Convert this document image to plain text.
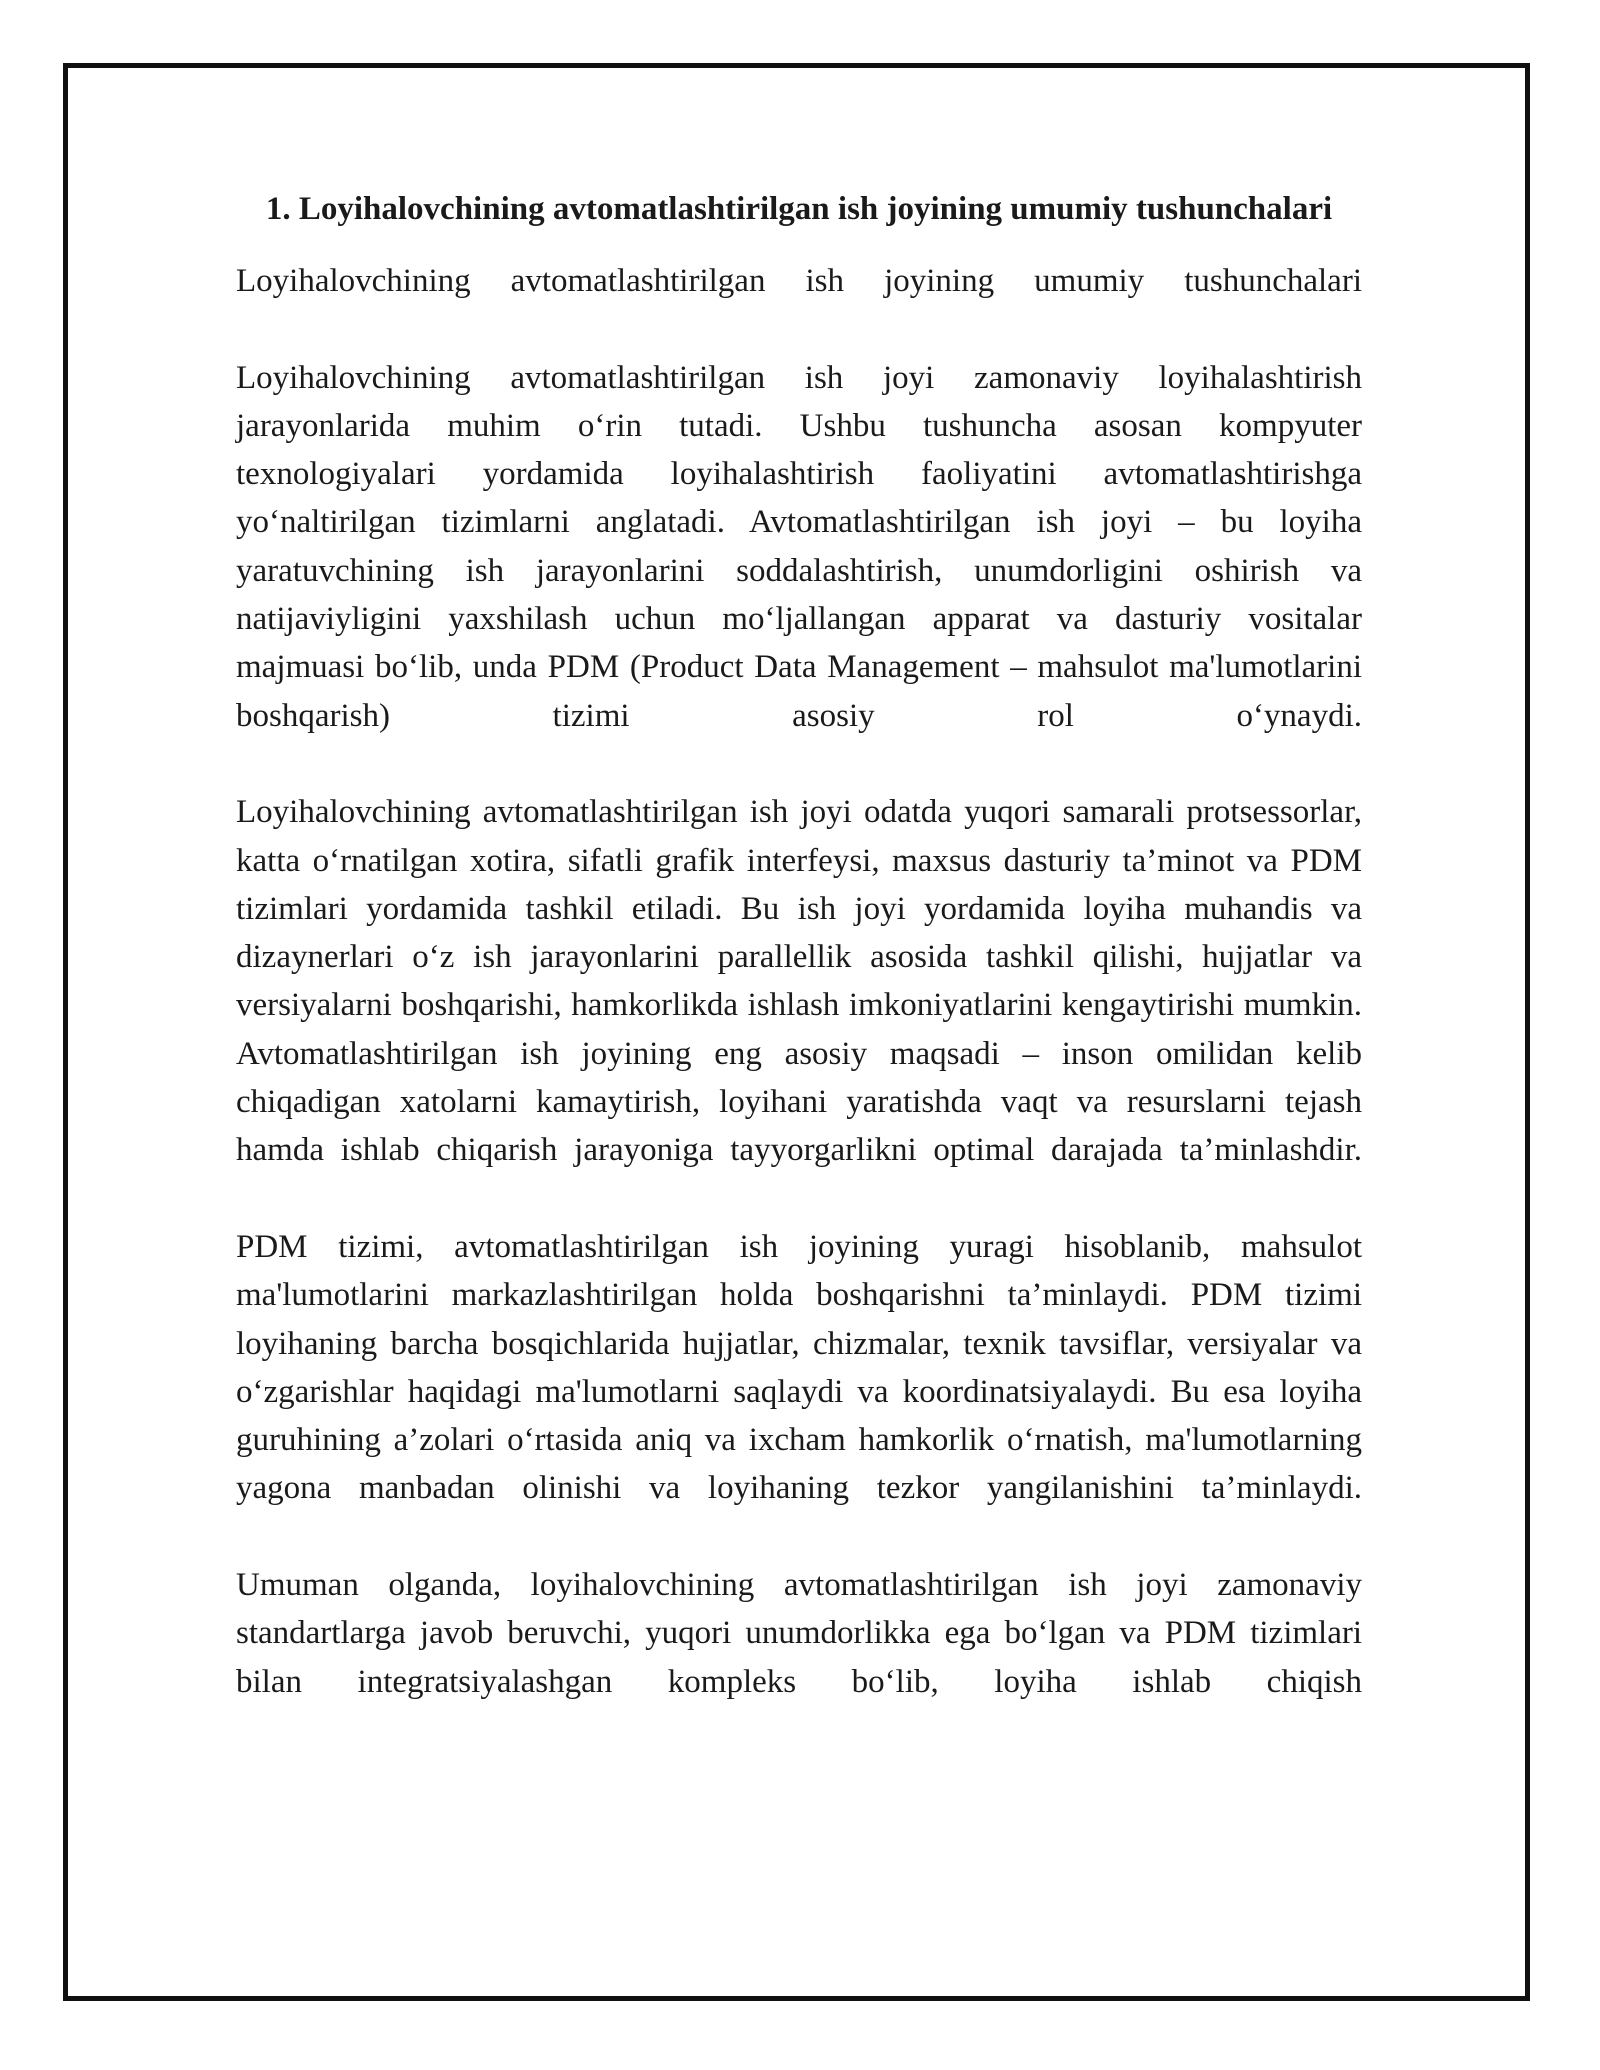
1. Loyihalovchining avtomatlashtirilgan ish joyining umumiy tushunchalari

Loyihalovchining avtomatlashtirilgan ish joyining umumiy tushunchalari

Loyihalovchining avtomatlashtirilgan ish joyi zamonaviy loyihalashtirish jarayonlarida muhim o‘rin tutadi. Ushbu tushuncha asosan kompyuter texnologiyalari yordamida loyihalashtirish faoliyatini avtomatlashtirishga yo‘naltirilgan tizimlarni anglatadi. Avtomatlashtirilgan ish joyi – bu loyiha yaratuvchining ish jarayonlarini soddalashtirish, unumdorligini oshirish va natijaviyligini yaxshilash uchun mo‘ljallangan apparat va dasturiy vositalar majmuasi bo‘lib, unda PDM (Product Data Management – mahsulot ma'lumotlarini boshqarish) tizimi asosiy rol o‘ynaydi.

Loyihalovchining avtomatlashtirilgan ish joyi odatda yuqori samarali protsessorlar, katta o‘rnatilgan xotira, sifatli grafik interfeysi, maxsus dasturiy ta’minot va PDM tizimlari yordamida tashkil etiladi. Bu ish joyi yordamida loyiha muhandis va dizaynerlari o‘z ish jarayonlarini parallellik asosida tashkil qilishi, hujjatlar va versiyalarni boshqarishi, hamkorlikda ishlash imkoniyatlarini kengaytirishi mumkin. Avtomatlashtirilgan ish joyining eng asosiy maqsadi – inson omilidan kelib chiqadigan xatolarni kamaytirish, loyihani yaratishda vaqt va resurslarni tejash hamda ishlab chiqarish jarayoniga tayyorgarlikni optimal darajada ta’minlashdir.

PDM tizimi, avtomatlashtirilgan ish joyining yuragi hisoblanib, mahsulot ma'lumotlarini markazlashtirilgan holda boshqarishni ta’minlaydi. PDM tizimi loyihaning barcha bosqichlarida hujjatlar, chizmalar, texnik tavsiflar, versiyalar va o‘zgarishlar haqidagi ma'lumotlarni saqlaydi va koordinatsiyalaydi. Bu esa loyiha guruhining a’zolari o‘rtasida aniq va ixcham hamkorlik o‘rnatish, ma'lumotlarning yagona manbadan olinishi va loyihaning tezkor yangilanishini ta’minlaydi.

Umuman olganda, loyihalovchining avtomatlashtirilgan ish joyi zamonaviy standartlarga javob beruvchi, yuqori unumdorlikka ega bo‘lgan va PDM tizimlari bilan integratsiyalashgan kompleks bo‘lib, loyiha ishlab chiqish
